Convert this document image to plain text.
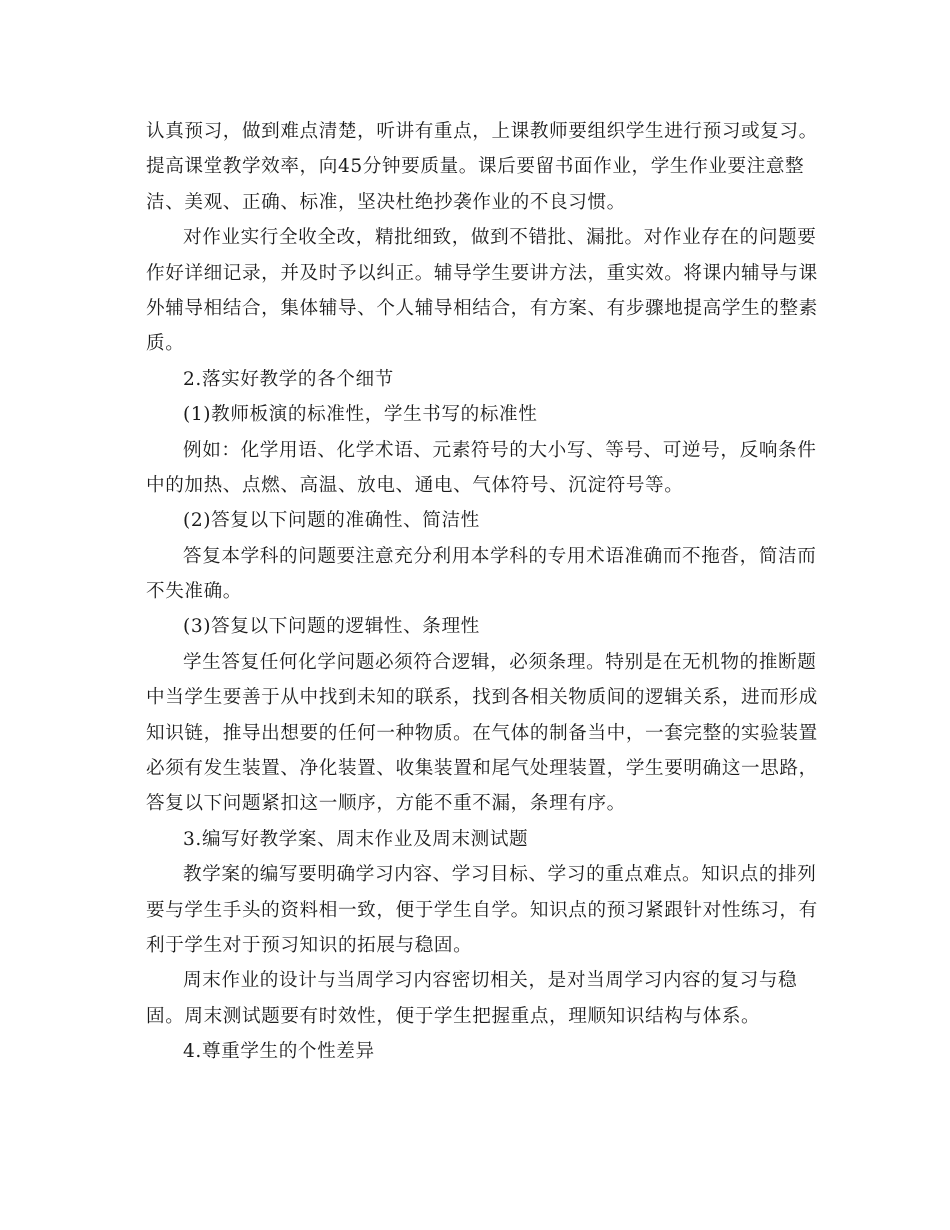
认真预习，做到难点清楚，听讲有重点，上课教师要组织学生进行预习或复习。
提高课堂教学效率，向45分钟要质量。课后要留书面作业，学生作业要注意整
洁、美观、正确、标准，坚决杜绝抄袭作业的不良习惯。
对作业实行全收全改，精批细致，做到不错批、漏批。对作业存在的问题要
作好详细记录，并及时予以纠正。辅导学生要讲方法，重实效。将课内辅导与课
外辅导相结合，集体辅导、个人辅导相结合，有方案、有步骤地提高学生的整素
质。
2.落实好教学的各个细节
(1)教师板演的标准性，学生书写的标准性
例如：化学用语、化学术语、元素符号的大小写、等号、可逆号，反响条件
中的加热、点燃、高温、放电、通电、气体符号、沉淀符号等。
(2)答复以下问题的准确性、简洁性
答复本学科的问题要注意充分利用本学科的专用术语准确而不拖沓，简洁而
不失准确。
(3)答复以下问题的逻辑性、条理性
学生答复任何化学问题必须符合逻辑，必须条理。特别是在无机物的推断题
中当学生要善于从中找到未知的联系，找到各相关物质间的逻辑关系，进而形成
知识链，推导出想要的任何一种物质。在气体的制备当中，一套完整的实验装置
必须有发生装置、净化装置、收集装置和尾气处理装置，学生要明确这一思路，
答复以下问题紧扣这一顺序，方能不重不漏，条理有序。
3.编写好教学案、周末作业及周末测试题
教学案的编写要明确学习内容、学习目标、学习的重点难点。知识点的排列
要与学生手头的资料相一致，便于学生自学。知识点的预习紧跟针对性练习，有
利于学生对于预习知识的拓展与稳固。
周末作业的设计与当周学习内容密切相关，是对当周学习内容的复习与稳
固。周末测试题要有时效性，便于学生把握重点，理顺知识结构与体系。
4.尊重学生的个性差异
